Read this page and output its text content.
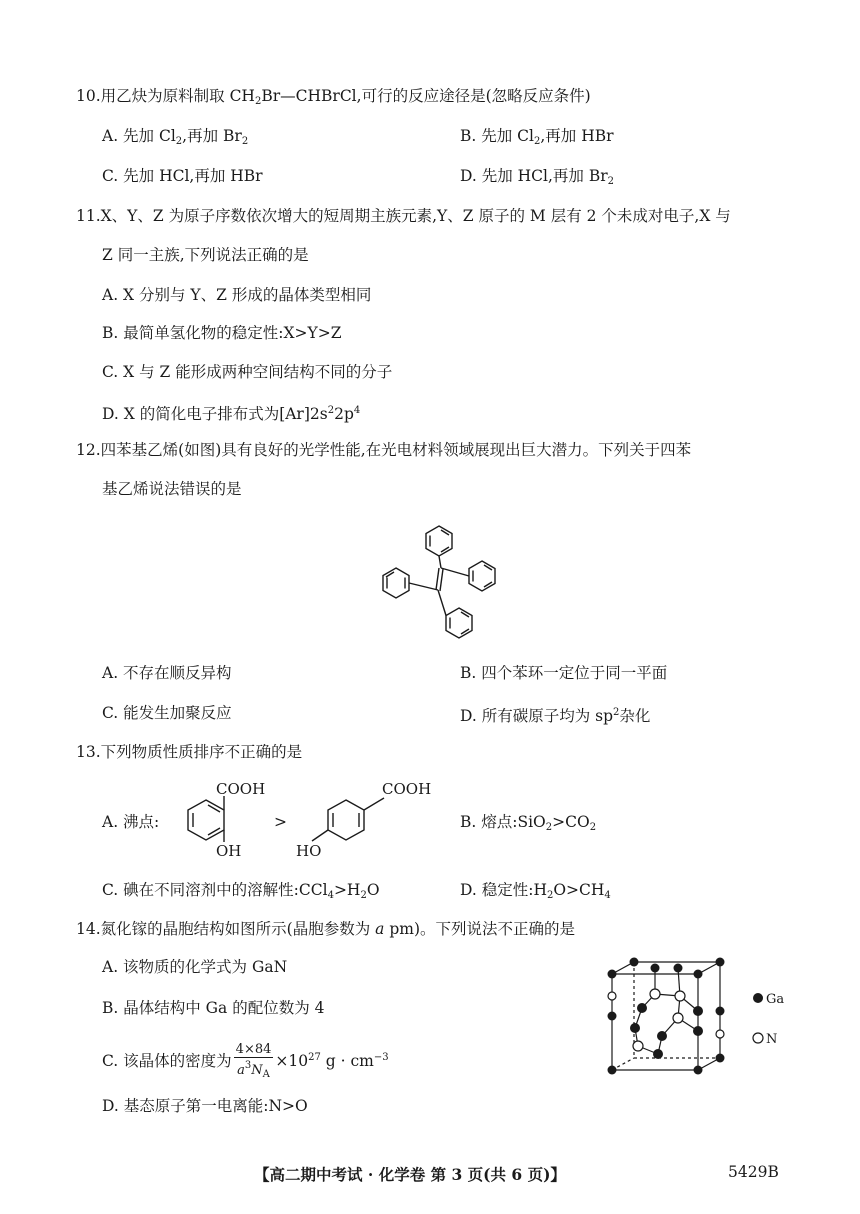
10.用乙炔为原料制取 $CH_2Br—CHBrCl$,可行的反应途径是(忽略反应条件)
A. 先加 $Cl_2$,再加 $Br_2$	B. 先加 $Cl_2$,再加 HBr
C. 先加 HCl,再加 HBr	D. 先加 HCl,再加 $Br_2$
11.X、Y、Z 为原子序数依次增大的短周期主族元素,Y、Z 原子的 M 层有 2 个未成对电子,X 与
Z 同一主族,下列说法正确的是
A. X 分别与 Y、Z 形成的晶体类型相同
B. 最简单氢化物的稳定性:X>Y>Z
C. X 与 Z 能形成两种空间结构不同的分子
D. X 的简化电子排布式为$[Ar]2s^22p^4$
12.四苯基乙烯(如图)具有良好的光学性能,在光电材料领域展现出巨大潜力。下列关于四苯
基乙烯说法错误的是
A. 不存在顺反异构	B. 四个苯环一定位于同一平面
C. 能发生加聚反应	D. 所有碳原子均为 $sp^2$杂化
13.下列物质性质排序不正确的是
A. 沸点:
COOH
OH
>
COOH
HO
B. 熔点$:SiO_2>CO_2$
C. 碘在不同溶剂中的溶解性$:CCl_4>H_2O$	D. 稳定性$:H_2O>CH_4$
14.氮化镓的晶胞结构如图所示(晶胞参数为 a pm)。下列说法不正确的是
A. 该物质的化学式为 GaN
B. 晶体结构中 Ga 的配位数为 4
C. 该晶体的密度为 $\frac{4\times 84}{a^3N_A} \times 10^{27}$ $g \cdot cm^{-3}$
D. 基态原子第一电离能:N>O
Ga
N
【高二期中考试 · 化学卷 第 3 页(共 6 页)】	5429B
